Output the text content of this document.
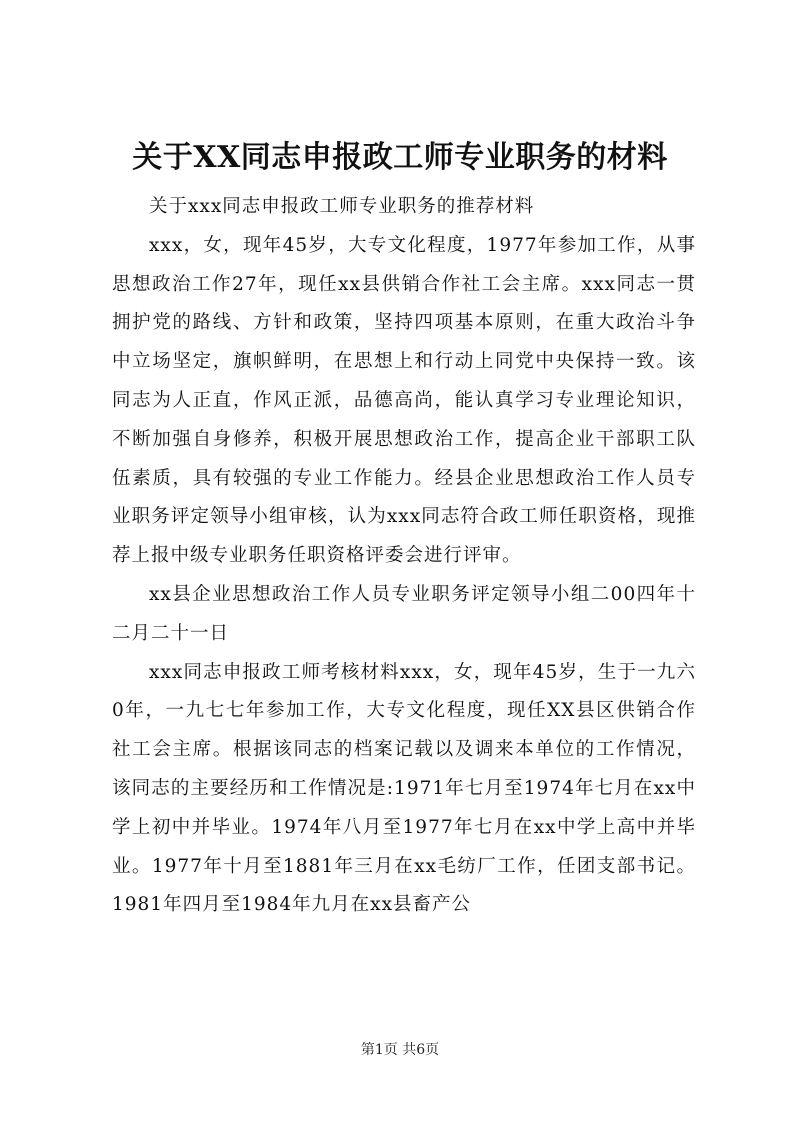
关于XX同志申报政工师专业职务的材料

关于xxx同志申报政工师专业职务的推荐材料

xxx，女，现年45岁，大专文化程度，1977年参加工作，从事思想政治工作27年，现任xx县供销合作社工会主席。xxx同志一贯拥护党的路线、方针和政策，坚持四项基本原则，在重大政治斗争中立场坚定，旗帜鲜明，在思想上和行动上同党中央保持一致。该同志为人正直，作风正派，品德高尚，能认真学习专业理论知识，不断加强自身修养，积极开展思想政治工作，提高企业干部职工队伍素质，具有较强的专业工作能力。经县企业思想政治工作人员专业职务评定领导小组审核，认为xxx同志符合政工师任职资格，现推荐上报中级专业职务任职资格评委会进行评审。

xx县企业思想政治工作人员专业职务评定领导小组二00四年十二月二十一日

xxx同志申报政工师考核材料xxx，女，现年45岁，生于一九六0年，一九七七年参加工作，大专文化程度，现任XX县区供销合作社工会主席。根据该同志的档案记载以及调来本单位的工作情况，该同志的主要经历和工作情况是:1971年七月至1974年七月在xx中学上初中并毕业。1974年八月至1977年七月在xx中学上高中并毕业。1977年十月至1881年三月在xx毛纺厂工作，任团支部书记。1981年四月至1984年九月在xx县畜产公

第1页 共6页
